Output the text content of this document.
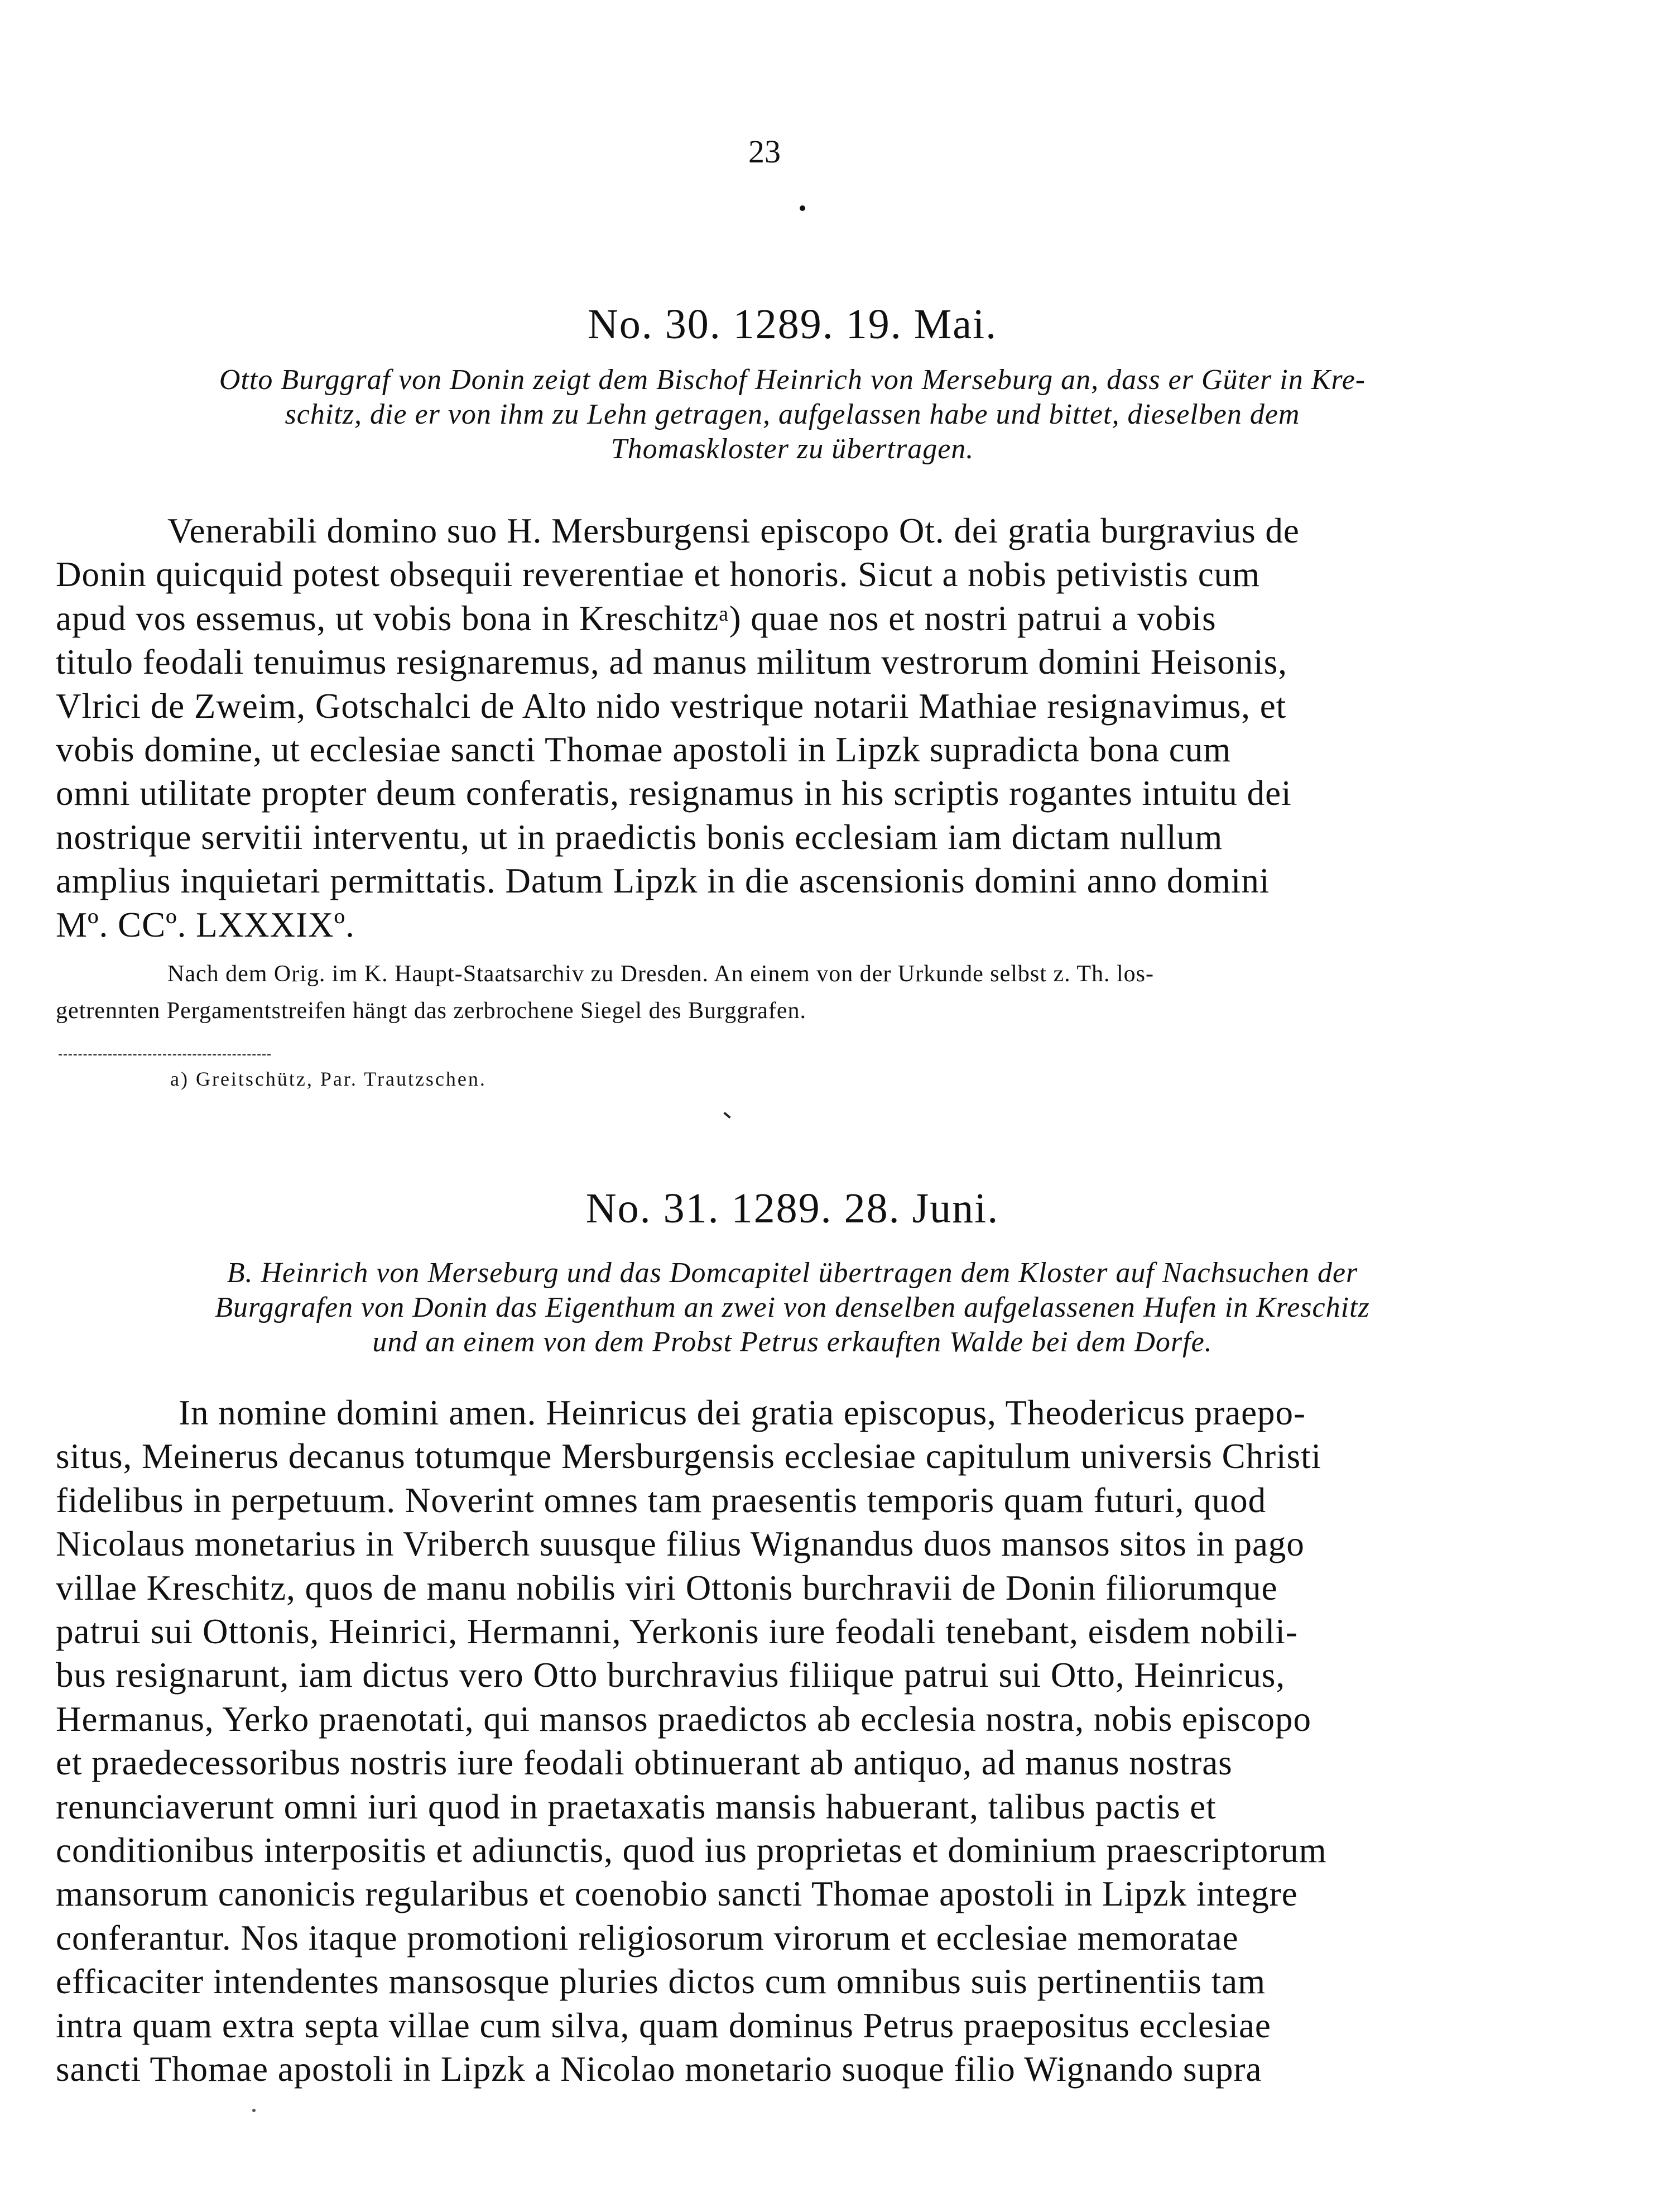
23
No. 30. 1289. 19. Mai.
Otto Burggraf von Donin zeigt dem Bischof Heinrich von Merseburg an, dass er Güter in Kre-
schitz, die er von ihm zu Lehn getragen, aufgelassen habe und bittet, dieselben dem
Thomaskloster zu übertragen.
Venerabili domino suo H. Mersburgensi episcopo Ot. dei gratia burgravius de
Donin quicquid potest obsequii reverentiae et honoris. Sicut a nobis petivistis cum
apud vos essemus, ut vobis bona in Kreschitzᵃ) quae nos et nostri patrui a vobis
titulo feodali tenuimus resignaremus, ad manus militum vestrorum domini Heisonis,
Vlrici de Zweim, Gotschalci de Alto nido vestrique notarii Mathiae resignavimus, et
vobis domine, ut ecclesiae sancti Thomae apostoli in Lipzk supradicta bona cum
omni utilitate propter deum conferatis, resignamus in his scriptis rogantes intuitu dei
nostrique servitii interventu, ut in praedictis bonis ecclesiam iam dictam nullum
amplius inquietari permittatis. Datum Lipzk in die ascensionis domini anno domini
Mº. CCº. LXXXIXº.
Nach dem Orig. im K. Haupt-Staatsarchiv zu Dresden. An einem von der Urkunde selbst z. Th. los-
getrennten Pergamentstreifen hängt das zerbrochene Siegel des Burggrafen.
a) Greitschütz, Par. Trautzschen.
No. 31. 1289. 28. Juni.
B. Heinrich von Merseburg und das Domcapitel übertragen dem Kloster auf Nachsuchen der
Burggrafen von Donin das Eigenthum an zwei von denselben aufgelassenen Hufen in Kreschitz
und an einem von dem Probst Petrus erkauften Walde bei dem Dorfe.
In nomine domini amen. Heinricus dei gratia episcopus, Theodericus praepo-
situs, Meinerus decanus totumque Mersburgensis ecclesiae capitulum universis Christi
fidelibus in perpetuum. Noverint omnes tam praesentis temporis quam futuri, quod
Nicolaus monetarius in Vriberch suusque filius Wignandus duos mansos sitos in pago
villae Kreschitz, quos de manu nobilis viri Ottonis burchravii de Donin filiorumque
patrui sui Ottonis, Heinrici, Hermanni, Yerkonis iure feodali tenebant, eisdem nobili-
bus resignarunt, iam dictus vero Otto burchravius filiique patrui sui Otto, Heinricus,
Hermanus, Yerko praenotati, qui mansos praedictos ab ecclesia nostra, nobis episcopo
et praedecessoribus nostris iure feodali obtinuerant ab antiquo, ad manus nostras
renunciaverunt omni iuri quod in praetaxatis mansis habuerant, talibus pactis et
conditionibus interpositis et adiunctis, quod ius proprietas et dominium praescriptorum
mansorum canonicis regularibus et coenobio sancti Thomae apostoli in Lipzk integre
conferantur. Nos itaque promotioni religiosorum virorum et ecclesiae memoratae
efficaciter intendentes mansosque pluries dictos cum omnibus suis pertinentiis tam
intra quam extra septa villae cum silva, quam dominus Petrus praepositus ecclesiae
sancti Thomae apostoli in Lipzk a Nicolao monetario suoque filio Wignando supra
